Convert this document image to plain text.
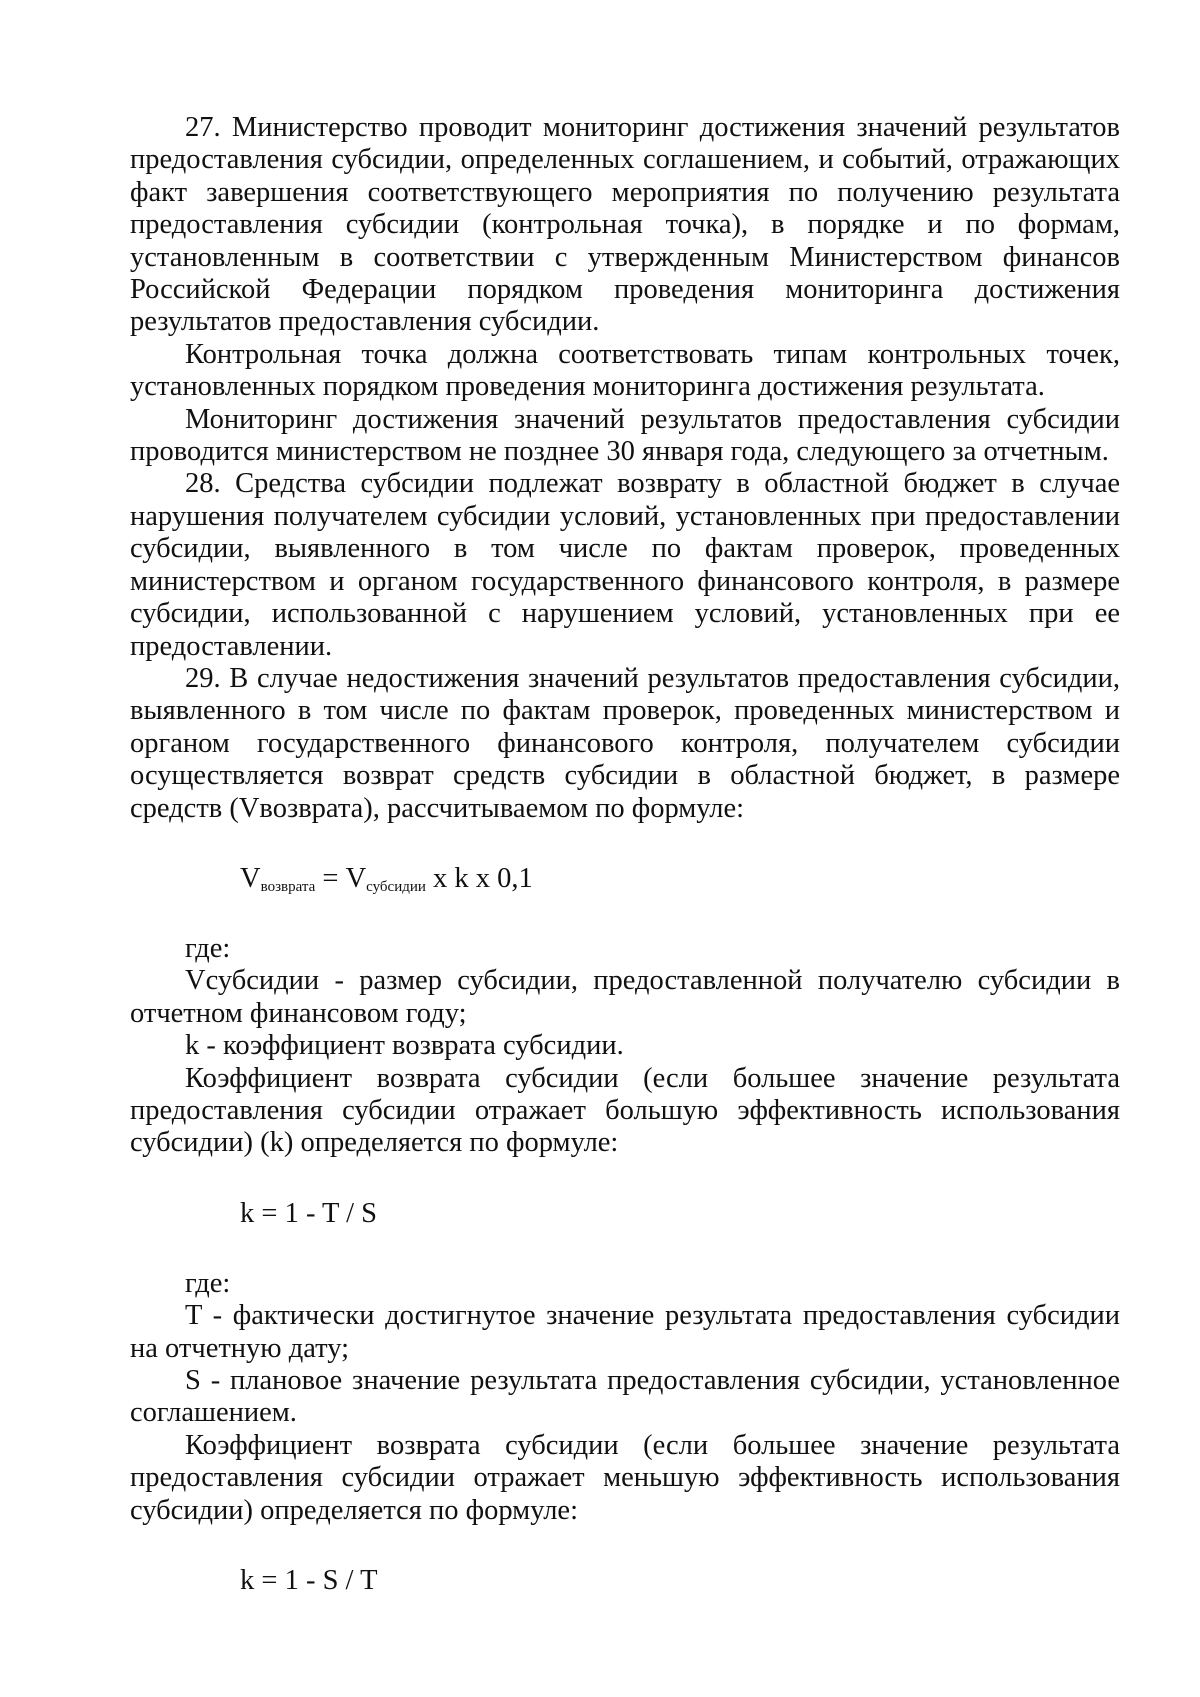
27. Министерство проводит мониторинг достижения значений результатов предоставления субсидии, определенных соглашением, и событий, отражающих факт завершения соответствующего мероприятия по получению результата предоставления субсидии (контрольная точка), в порядке и по формам, установленным в соответствии с утвержденным Министерством финансов Российской Федерации порядком проведения мониторинга достижения результатов предоставления субсидии.

Контрольная точка должна соответствовать типам контрольных точек, установленных порядком проведения мониторинга достижения результата.

Мониторинг достижения значений результатов предоставления субсидии проводится министерством не позднее 30 января года, следующего за отчетным.

28. Средства субсидии подлежат возврату в областной бюджет в случае нарушения получателем субсидии условий, установленных при предоставлении субсидии, выявленного в том числе по фактам проверок, проведенных министерством и органом государственного финансового контроля, в размере субсидии, использованной с нарушением условий, установленных при ее предоставлении.

29. В случае недостижения значений результатов предоставления субсидии, выявленного в том числе по фактам проверок, проведенных министерством и органом государственного финансового контроля, получателем субсидии осуществляется возврат средств субсидии в областной бюджет, в размере средств (Vвозврата), рассчитываемом по формуле:

$V_{возврата} = V_{субсидии}$ x k x 0,1

где:

Vсубсидии - размер субсидии, предоставленной получателю субсидии в отчетном финансовом году;

k - коэффициент возврата субсидии.

Коэффициент возврата субсидии (если большее значение результата предоставления субсидии отражает большую эффективность использования субсидии) (k) определяется по формуле:

k = 1 - T / S

где:

T - фактически достигнутое значение результата предоставления субсидии на отчетную дату;

S - плановое значение результата предоставления субсидии, установленное соглашением.

Коэффициент возврата субсидии (если большее значение результата предоставления субсидии отражает меньшую эффективность использования субсидии) определяется по формуле:

k = 1 - S / T
